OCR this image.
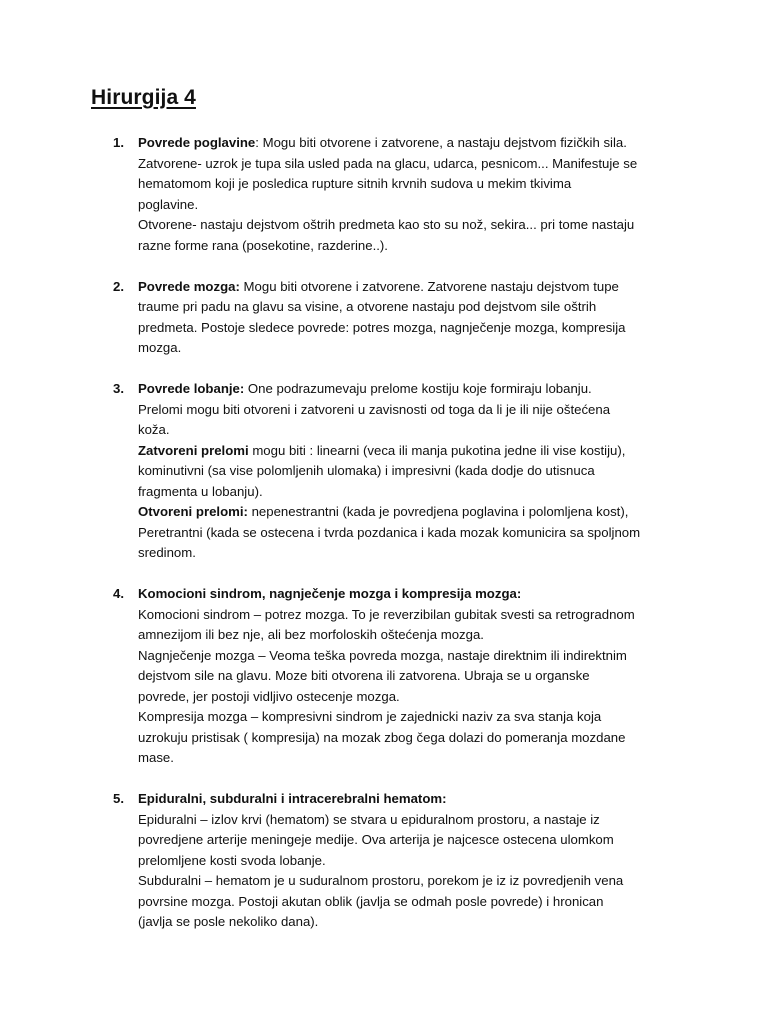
Hirurgija 4
1. Povrede poglavine: Mogu biti otvorene i zatvorene, a nastaju dejstvom fizičkih sila.
Zatvorene- uzrok je tupa sila usled pada na glacu, udarca, pesnicom... Manifestuje se
hematomom koji je posledica rupture sitnih krvnih sudova u mekim tkivima
poglavine.
Otvorene- nastaju dejstvom oštrih predmeta kao sto su nož, sekira... pri tome nastaju
razne forme rana (posekotine, razderine..).
2. Povrede mozga: Mogu biti otvorene i zatvorene. Zatvorene nastaju dejstvom tupe
traume pri padu na glavu sa visine, a otvorene nastaju pod dejstvom sile oštrih
predmeta. Postoje sledece povrede: potres mozga, nagnječenje mozga, kompresija
mozga.
3. Povrede lobanje: One podrazumevaju prelome kostiju koje formiraju lobanju.
Prelomi mogu biti otvoreni i zatvoreni u zavisnosti od toga da li je ili nije oštećena
koža.
Zatvoreni prelomi mogu biti : linearni (veca ili manja pukotina jedne ili vise kostiju),
kominutivni (sa vise polomljenih ulomaka) i impresivni (kada dodje do utisnuca
fragmenta u lobanju).
Otvoreni prelomi: nepenestrantni (kada je povredjena poglavina i polomljena kost),
Peretrantni (kada se ostecena i tvrda pozdanica i kada mozak komunicira sa spoljnom
sredinom.
4. Komocioni sindrom, nagnječenje mozga i kompresija mozga:
Komocioni sindrom – potrez mozga. To je reverzibilan gubitak svesti sa retrogradnom
amnezijom ili bez nje, ali bez morfoloskih oštećenja mozga.
Nagnječenje mozga – Veoma teška povreda mozga, nastaje direktnim ili indirektnim
dejstvom sile na glavu. Moze biti otvorena ili zatvorena. Ubraja se u organske
povrede, jer postoji vidljivo ostecenje mozga.
Kompresija mozga – kompresivni sindrom je zajednicki naziv za sva stanja koja
uzrokuju pristisak ( kompresija) na mozak zbog čega dolazi do pomeranja mozdane
mase.
5. Epiduralni, subduralni i intracerebralni hematom:
Epiduralni – izlov krvi (hematom) se stvara u epiduralnom prostoru, a nastaje iz
povredjene arterije meningeje medije. Ova arterija je najcesce ostecena ulomkom
prelomljene kosti svoda lobanje.
Subduralni – hematom je u suduralnom prostoru, porekom je iz iz povredjenih vena
povrsine mozga. Postoji akutan oblik (javlja se odmah posle povrede) i hronican
(javlja se posle nekoliko dana).
